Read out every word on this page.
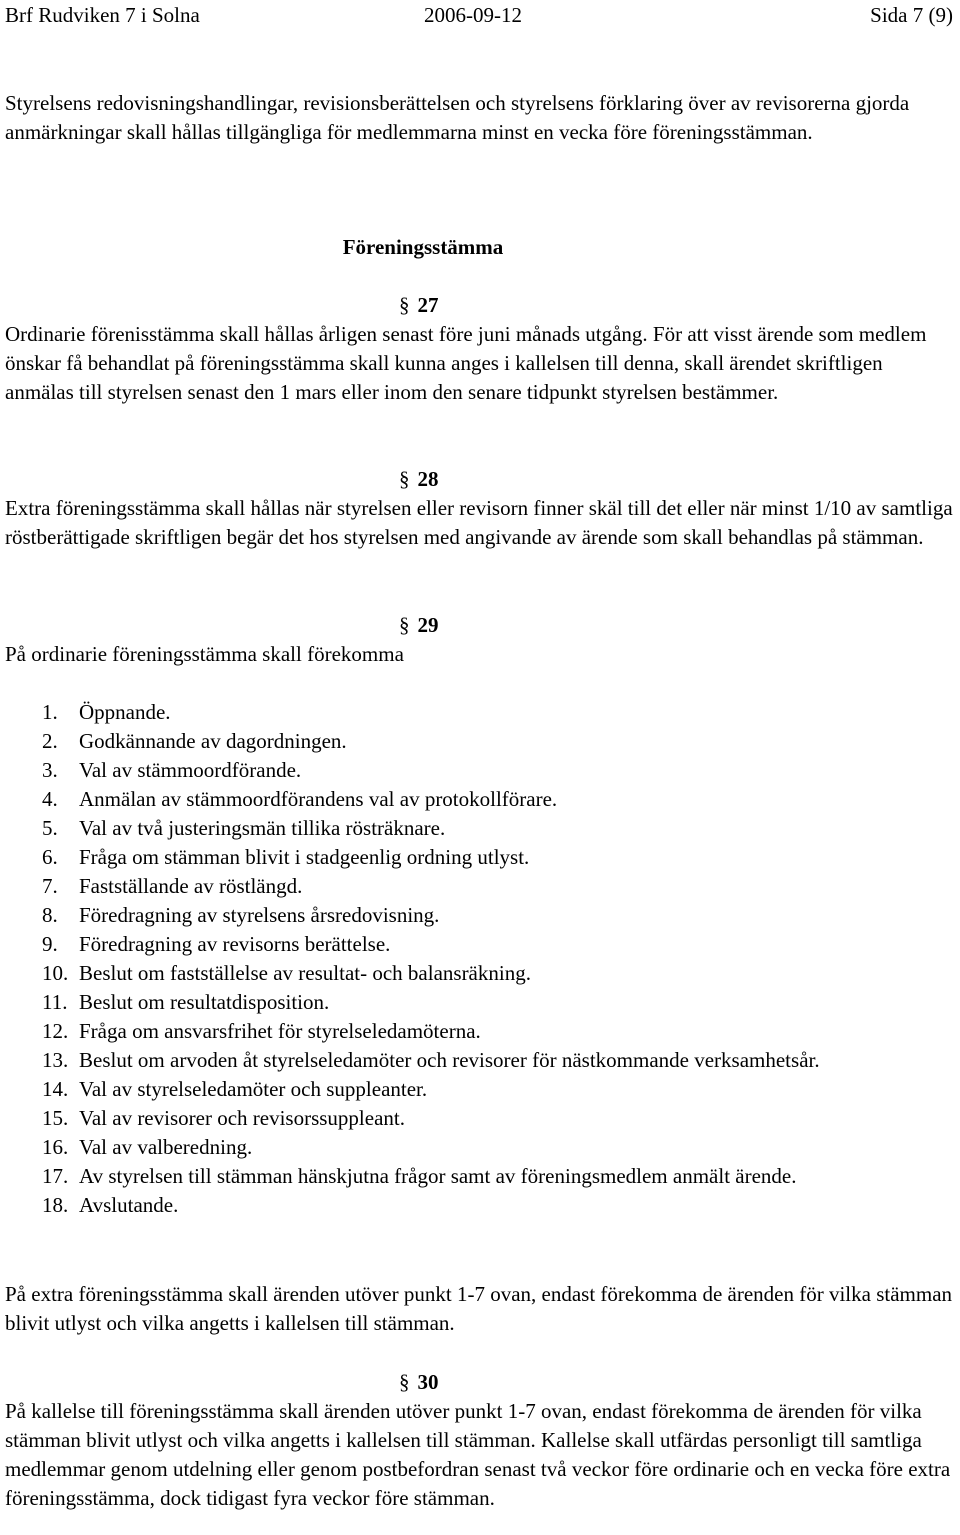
Brf Rudviken 7 i Solna	2006-09-12	Sida 7 (9)

Styrelsens redovisningshandlingar, revisionsberättelsen och styrelsens förklaring över av revisorerna gjorda anmärkningar skall hållas tillgängliga för medlemmarna minst en vecka före föreningsstämman.

Föreningsstämma
§ 27

Ordinarie förenisstämma skall hållas årligen senast före juni månads utgång. För att visst ärende som medlem önskar få behandlat på föreningsstämma skall kunna anges i kallelsen till denna, skall ärendet skriftligen anmälas till styrelsen senast den 1 mars eller inom den senare tidpunkt styrelsen bestämmer.

§ 28

Extra föreningsstämma skall hållas när styrelsen eller revisorn finner skäl till det eller när minst 1/10 av samtliga röstberättigade skriftligen begär det hos styrelsen med angivande av ärende som skall behandlas på stämman.

§ 29

På ordinarie föreningsstämma skall förekomma

1. Öppnande.
2. Godkännande av dagordningen.
3. Val av stämmoordförande.
4. Anmälan av stämmoordförandens val av protokollförare.
5. Val av två justeringsmän tillika rösträknare.
6. Fråga om stämman blivit i stadgeenlig ordning utlyst.
7. Fastställande av röstlängd.
8. Föredragning av styrelsens årsredovisning.
9. Föredragning av revisorns berättelse.
10. Beslut om fastställelse av resultat- och balansräkning.
11. Beslut om resultatdisposition.
12. Fråga om ansvarsfrihet för styrelseledamöterna.
13. Beslut om arvoden åt styrelseledamöter och revisorer för nästkommande verksamhetsår.
14. Val av styrelseledamöter och suppleanter.
15. Val av revisorer och revisorssuppleant.
16. Val av valberedning.
17. Av styrelsen till stämman hänskjutna frågor samt av föreningsmedlem anmält ärende.
18. Avslutande.

På extra föreningsstämma skall ärenden utöver punkt 1-7 ovan, endast förekomma de ärenden för vilka stämman blivit utlyst och vilka angetts i kallelsen till stämman.

§ 30

På kallelse till föreningsstämma skall ärenden utöver punkt 1-7 ovan, endast förekomma de ärenden för vilka stämman blivit utlyst och vilka angetts i kallelsen till stämman. Kallelse skall utfärdas personligt till samtliga medlemmar genom utdelning eller genom postbefordran senast två veckor före ordinarie och en vecka före extra föreningsstämma, dock tidigast fyra veckor före stämman.
